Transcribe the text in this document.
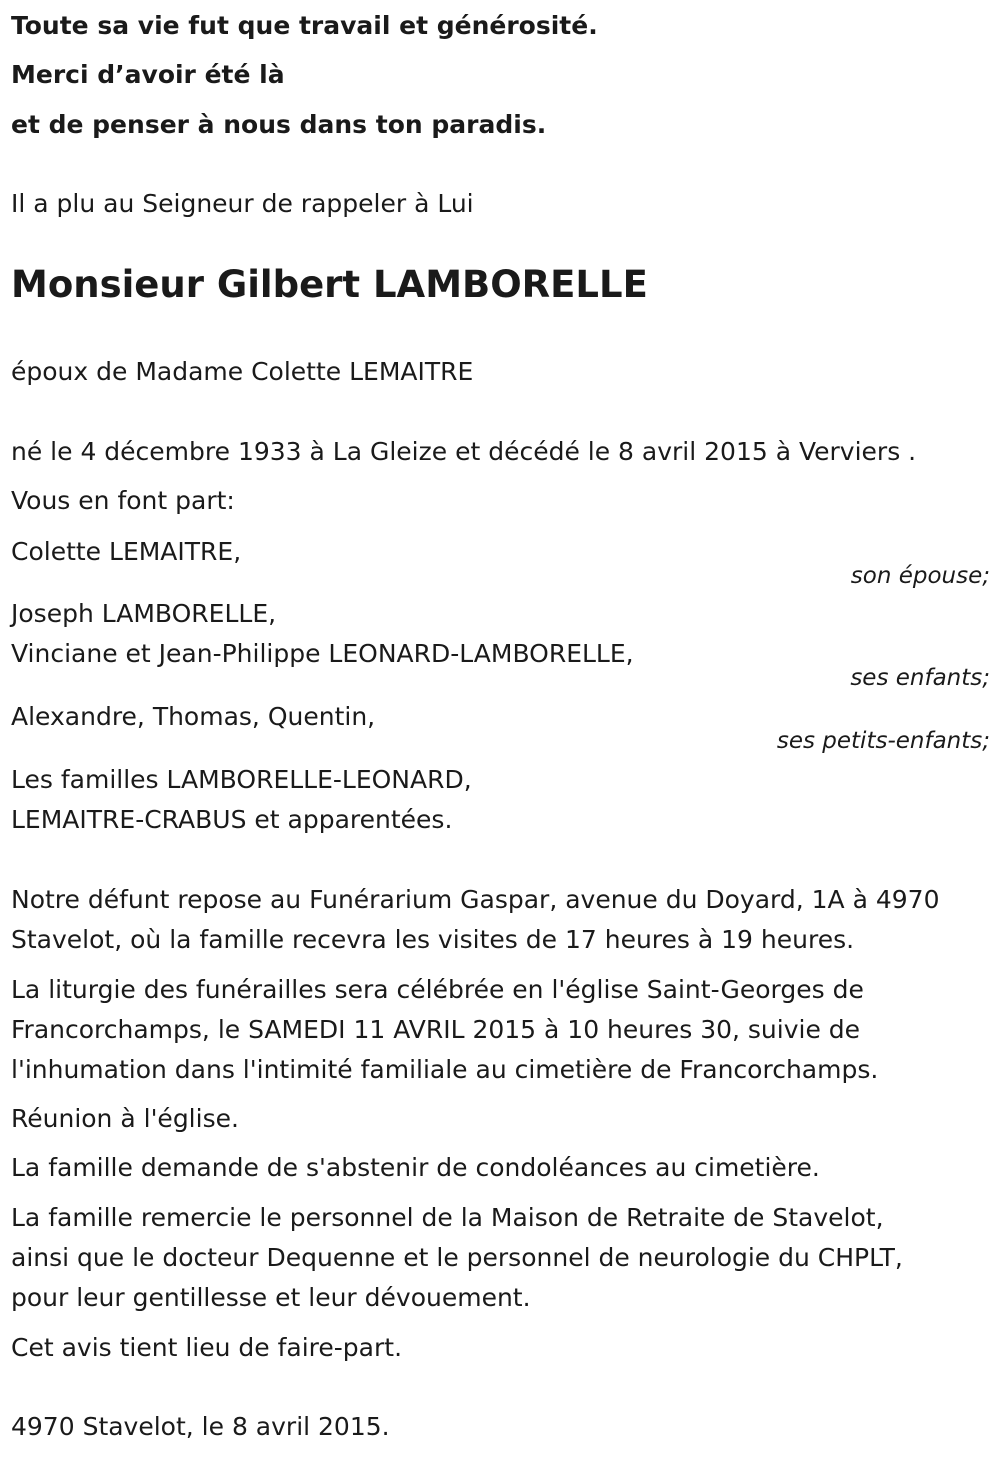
Toute sa vie fut que travail et générosité.
Merci d’avoir été là
et de penser à nous dans ton paradis.
Il a plu au Seigneur de rappeler à Lui
Monsieur Gilbert LAMBORELLE
époux de Madame Colette LEMAITRE
né le 4 décembre 1933 à La Gleize et décédé le 8 avril 2015 à Verviers .
Vous en font part:
Colette LEMAITRE,
son épouse;
Joseph LAMBORELLE,
Vinciane et Jean-Philippe LEONARD-LAMBORELLE,
ses enfants;
Alexandre, Thomas, Quentin,
ses petits-enfants;
Les familles LAMBORELLE-LEONARD,
LEMAITRE-CRABUS et apparentées.
Notre défunt repose au Funérarium Gaspar, avenue du Doyard, 1A à 4970
Stavelot, où la famille recevra les visites de 17 heures à 19 heures.
La liturgie des funérailles sera célébrée en l'église Saint-Georges de
Francorchamps, le SAMEDI 11 AVRIL 2015 à 10 heures 30, suivie de
l'inhumation dans l'intimité familiale au cimetière de Francorchamps.
Réunion à l'église.
La famille demande de s'abstenir de condoléances au cimetière.
La famille remercie le personnel de la Maison de Retraite de Stavelot,
ainsi que le docteur Dequenne et le personnel de neurologie du CHPLT,
pour leur gentillesse et leur dévouement.
Cet avis tient lieu de faire-part.
4970 Stavelot, le 8 avril 2015.
